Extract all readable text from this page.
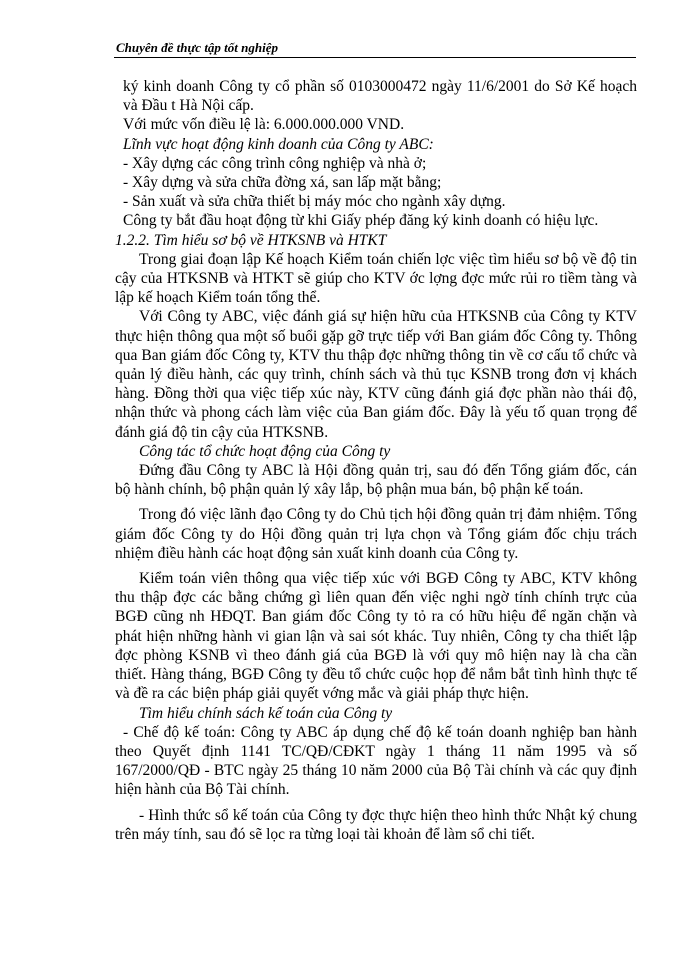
Chuyên đề thực tập tốt nghiệp

ký kinh doanh Công ty cổ phần số 0103000472 ngày 11/6/2001 do Sở Kế hoạch và Đầu t Hà Nội cấp.

Với mức vốn điều lệ là: 6.000.000.000 VND.

Lĩnh vực hoạt động kinh doanh của Công ty ABC:

- Xây dựng các công trình công nghiệp và nhà ở;

- Xây dựng và sửa chữa đờng xá, san lấp mặt bằng;

- Sản xuất và sửa chữa thiết bị máy móc cho ngành xây dựng.

Công ty bắt đầu hoạt động từ khi Giấy phép đăng ký kinh doanh có hiệu lực.

1.2.2. Tìm hiểu sơ bộ về HTKSNB và HTKT

Trong giai đoạn lập Kế hoạch Kiểm toán chiến lợc việc tìm hiểu sơ bộ về độ tin cậy của HTKSNB và HTKT sẽ giúp cho KTV ớc lợng đợc mức rủi ro tiềm tàng và lập kế hoạch Kiểm toán tổng thể.

Với Công ty ABC, việc đánh giá sự hiện hữu của HTKSNB của Công ty KTV thực hiện thông qua một số buổi gặp gỡ trực tiếp với Ban giám đốc Công ty. Thông qua Ban giám đốc Công ty, KTV thu thập đợc những thông tin về cơ cấu tổ chức và quản lý điều hành, các quy trình, chính sách và thủ tục KSNB trong đơn vị khách hàng. Đồng thời qua việc tiếp xúc này, KTV cũng đánh giá đợc phần nào thái độ, nhận thức và phong cách làm việc của Ban giám đốc. Đây là yếu tố quan trọng để đánh giá độ tin cậy của HTKSNB.

Công tác tổ chức hoạt động của Công ty

Đứng đầu Công ty ABC là Hội đồng quản trị, sau đó đến Tổng giám đốc, cán bộ hành chính, bộ phận quản lý xây lắp, bộ phận mua bán, bộ phận kế toán.

Trong đó việc lãnh đạo Công ty do Chủ tịch hội đồng quản trị đảm nhiệm. Tổng giám đốc Công ty do Hội đồng quản trị lựa chọn và Tổng giám đốc chịu trách nhiệm điều hành các hoạt động sản xuất kinh doanh của Công ty.

Kiểm toán viên thông qua việc tiếp xúc với BGĐ Công ty ABC, KTV không thu thập đợc các bằng chứng gì liên quan đến việc nghi ngờ tính chính trực của BGĐ cũng nh HĐQT. Ban giám đốc Công ty tỏ ra có hữu hiệu để ngăn chặn và phát hiện những hành vi gian lận và sai sót khác. Tuy nhiên, Công ty cha thiết lập đợc phòng KSNB vì theo đánh giá của BGĐ là với quy mô hiện nay là cha cần thiết. Hàng tháng, BGĐ Công ty đều tổ chức cuộc họp để nắm bắt tình hình thực tế và đề ra các biện pháp giải quyết vớng mắc và giải pháp thực hiện.

Tìm hiểu chính sách kế toán của Công ty

- Chế độ kế toán: Công ty ABC áp dụng chế độ kế toán doanh nghiệp ban hành theo Quyết định 1141 TC/QĐ/CĐKT ngày 1 tháng 11 năm 1995 và số 167/2000/QĐ - BTC ngày 25 tháng 10 năm 2000 của Bộ Tài chính và các quy định hiện hành của Bộ Tài chính.

- Hình thức sổ kế toán của Công ty đợc thực hiện theo hình thức Nhật ký chung trên máy tính, sau đó sẽ lọc ra từng loại tài khoản để làm sổ chi tiết.
